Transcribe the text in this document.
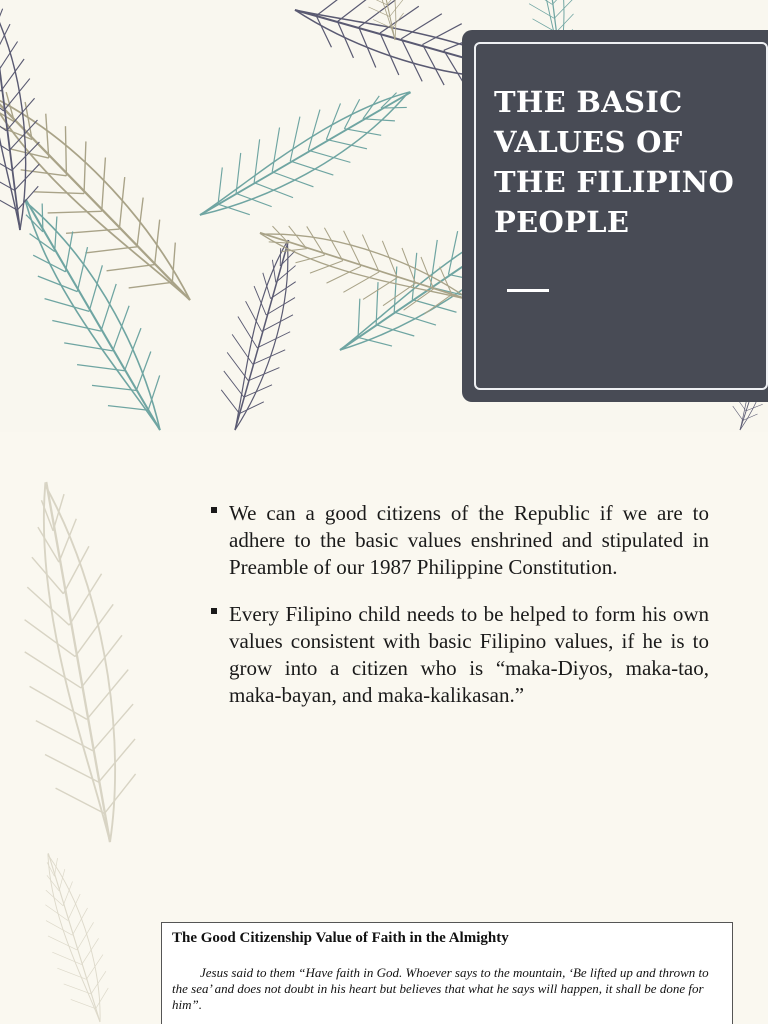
THE BASIC VALUES OF THE FILIPINO PEOPLE
We can a good citizens of the Republic if we are to adhere to the basic values enshrined and stipulated in Preamble of our 1987 Philippine Constitution.
Every Filipino child needs to be helped to form his own values consistent with basic Filipino values, if he is to grow into a citizen who is “maka-Diyos, maka-tao, maka-bayan, and maka-kalikasan.”

The Good Citizenship Value of Faith in the Almighty

Jesus said to them “Have faith in God. Whoever says to the mountain, ‘Be lifted up and thrown to the sea’ and does not doubt in his heart but believes that what he says will happen, it shall be done for him”.
